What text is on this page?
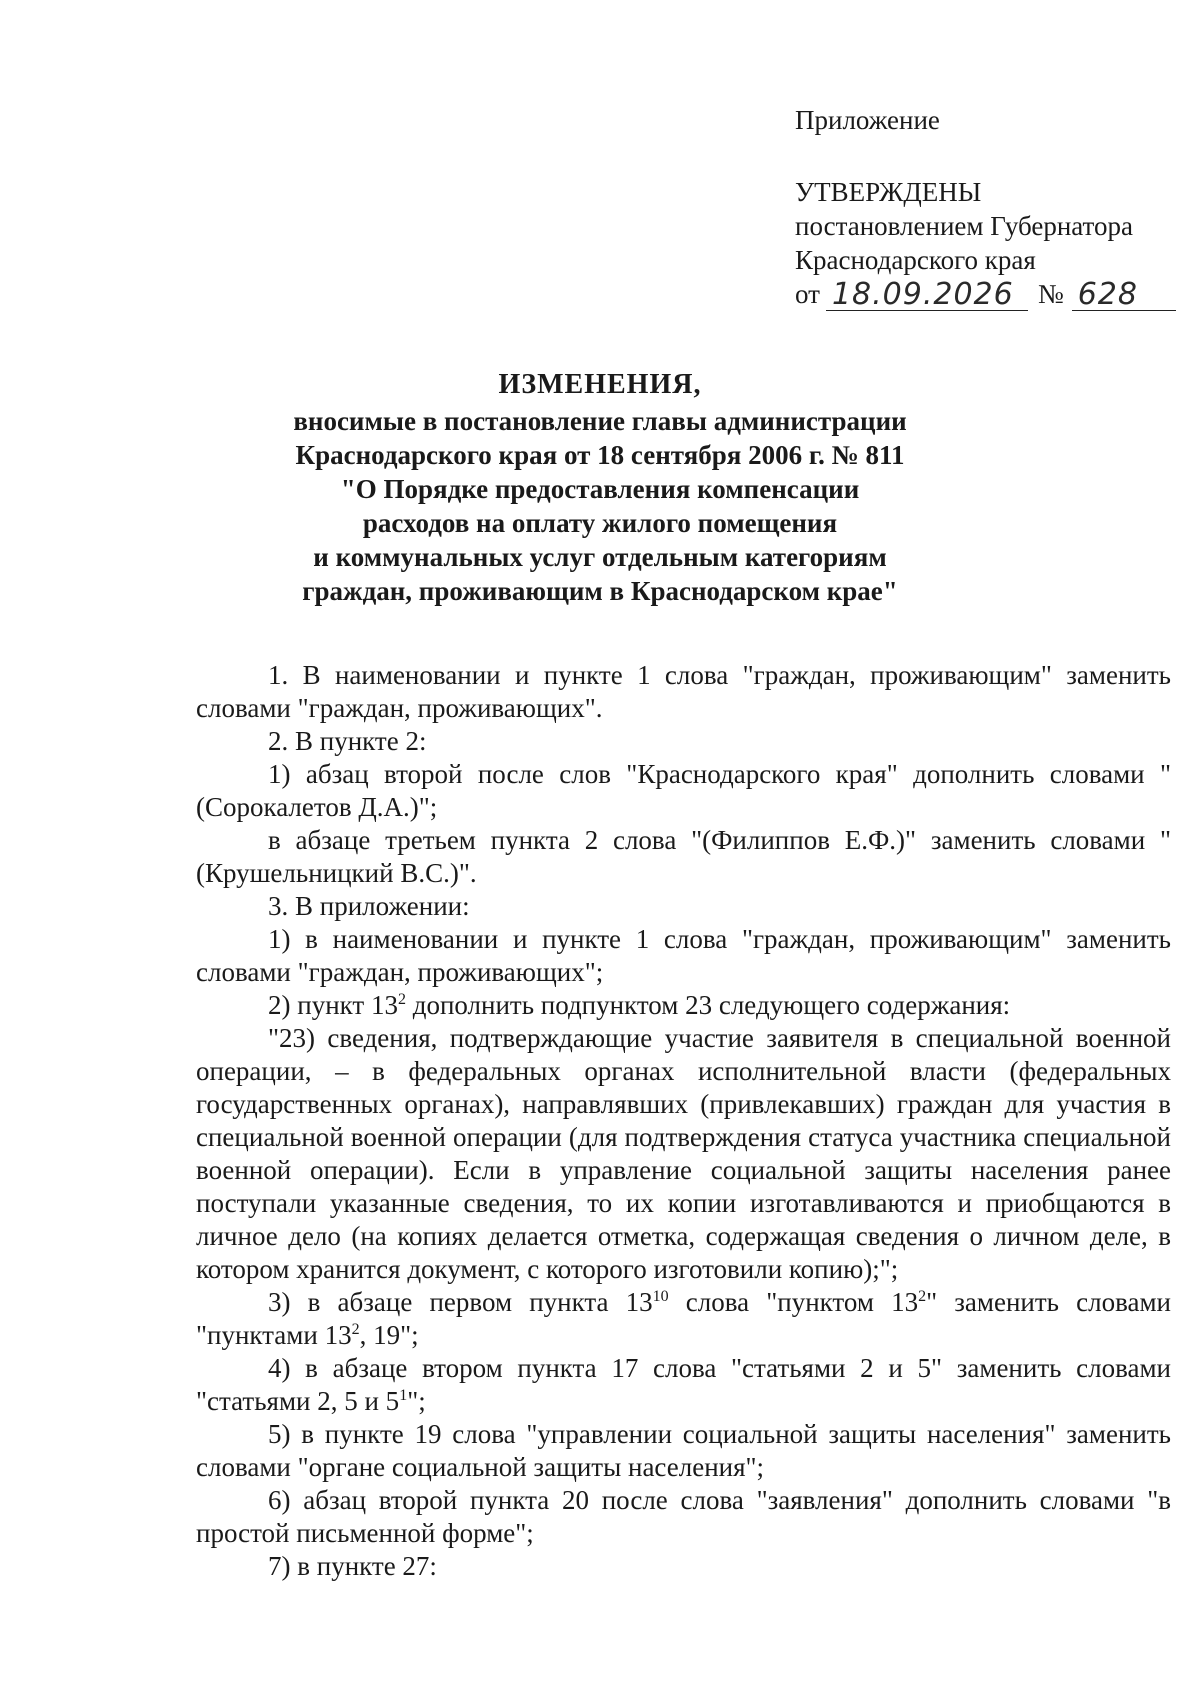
Приложение
УТВЕРЖДЕНЫ
постановлением Губернатора
Краснодарского края
от 18.09.2026 № 628
ИЗМЕНЕНИЯ,
вносимые в постановление главы администрации
Краснодарского края от 18 сентября 2006 г. № 811
"О Порядке предоставления компенсации
расходов на оплату жилого помещения
и коммунальных услуг отдельным категориям
граждан, проживающим в Краснодарском крае"

1. В наименовании и пункте 1 слова "граждан, проживающим" заменить словами "граждан, проживающих".

2. В пункте 2:

1) абзац второй после слов "Краснодарского края" дополнить словами "(Сорокалетов Д.А.)";

в абзаце третьем пункта 2 слова "(Филиппов Е.Ф.)" заменить словами "(Крушельницкий В.С.)".

3. В приложении:

1) в наименовании и пункте 1 слова "граждан, проживающим" заменить словами "граждан, проживающих";

2) пункт $13^2$ дополнить подпунктом 23 следующего содержания:

"23) сведения, подтверждающие участие заявителя в специальной военной операции, – в федеральных органах исполнительной власти (федеральных государственных органах), направлявших (привлекавших) граждан для участия в специальной военной операции (для подтверждения статуса участника специальной военной операции). Если в управление социальной защиты населения ранее поступали указанные сведения, то их копии изготавливаются и приобщаются в личное дело (на копиях делается отметка, содержащая сведения о личном деле, в котором хранится документ, с которого изготовили копию);";

3) в абзаце первом пункта $13^{10}$ слова "пунктом $13^2$" заменить словами "пунктами $13^2$, 19";

4) в абзаце втором пункта 17 слова "статьями 2 и 5" заменить словами "статьями 2, 5 и $5^1$";

5) в пункте 19 слова "управлении социальной защиты населения" заменить словами "органе социальной защиты населения";

6) абзац второй пункта 20 после слова "заявления" дополнить словами "в простой письменной форме";

7) в пункте 27:
